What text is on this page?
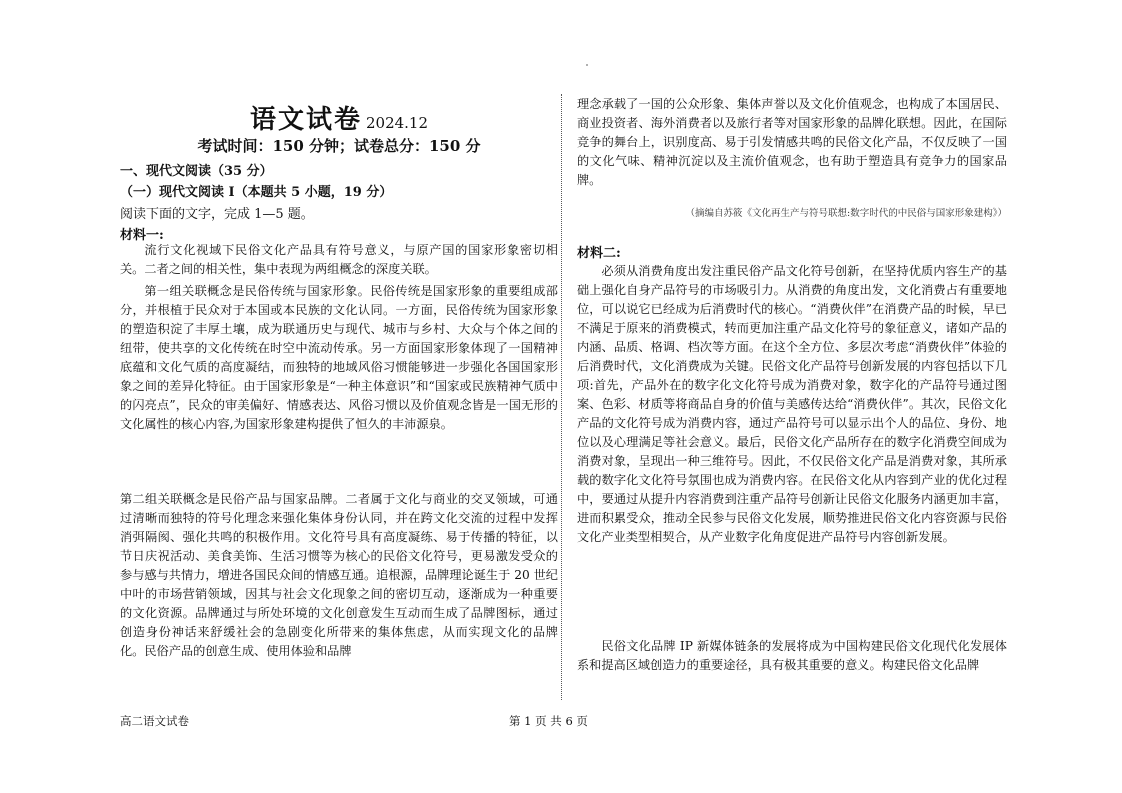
语文试卷 2024.12
考试时间：150 分钟；试卷总分：150 分
一、现代文阅读（35 分）
（一）现代文阅读 I（本题共 5 小题，19 分）
阅读下面的文字，完成 1—5 题。
材料一:

流行文化视域下民俗文化产品具有符号意义，与原产国的国家形象密切相关。二者之间的相关性，集中表现为两组概念的深度关联。

第一组关联概念是民俗传统与国家形象。民俗传统是国家形象的重要组成部分，并根植于民众对于本国或本民族的文化认同。一方面，民俗传统为国家形象的塑造积淀了丰厚土壤，成为联通历史与现代、城市与乡村、大众与个体之间的纽带，使共享的文化传统在时空中流动传承。另一方面国家形象体现了一国精神底蕴和文化气质的高度凝结，而独特的地域风俗习惯能够进一步强化各国国家形象之间的差异化特征。由于国家形象是“一种主体意识”和“国家或民族精神气质中的闪亮点”，民众的审美偏好、情感表达、风俗习惯以及价值观念皆是一国无形的文化属性的核心内容,为国家形象建构提供了恒久的丰沛源泉。

第二组关联概念是民俗产品与国家品牌。二者属于文化与商业的交叉领域，可通过清晰而独特的符号化理念来强化集体身份认同，并在跨文化交流的过程中发挥消弭隔阂、强化共鸣的积极作用。文化符号具有高度凝练、易于传播的特征，以节日庆祝活动、美食美饰、生活习惯等为核心的民俗文化符号，更易激发受众的参与感与共情力，增进各国民众间的情感互通。追根源，品牌理论诞生于 20 世纪中叶的市场营销领域，因其与社会文化现象之间的密切互动，逐渐成为一种重要的文化资源。品牌通过与所处环境的文化创意发生互动而生成了品牌图标，通过创造身份神话来舒缓社会的急剧变化所带来的集体焦虑，从而实现文化的品牌化。民俗产品的创意生成、使用体验和品牌

理念承载了一国的公众形象、集体声誉以及文化价值观念，也构成了本国居民、商业投资者、海外消费者以及旅行者等对国家形象的品牌化联想。因此，在国际竞争的舞台上，识别度高、易于引发情感共鸣的民俗文化产品，不仅反映了一国的文化气味、精神沉淀以及主流价值观念，也有助于塑造具有竞争力的国家品牌。

（摘编自苏筱《文化再生产与符号联想:数字时代的中民俗与国家形象建构》）
材料二:

必须从消费角度出发注重民俗产品文化符号创新，在坚持优质内容生产的基础上强化自身产品符号的市场吸引力。从消费的角度出发，文化消费占有重要地位，可以说它已经成为后消费时代的核心。“消费伙伴”在消费产品的时候，早已不满足于原来的消费模式，转而更加注重产品文化符号的象征意义，诸如产品的内涵、品质、格调、档次等方面。在这个全方位、多层次考虑“消费伙伴”体验的后消费时代，文化消费成为关键。民俗文化产品符号创新发展的内容包括以下几项:首先，产品外在的数字化文化符号成为消费对象，数字化的产品符号通过图案、色彩、材质等将商品自身的价值与美感传达给“消费伙伴”。其次，民俗文化产品的文化符号成为消费内容，通过产品符号可以显示出个人的品位、身份、地位以及心理满足等社会意义。最后，民俗文化产品所存在的数字化消费空间成为消费对象，呈现出一种三维符号。因此，不仅民俗文化产品是消费对象，其所承载的数字化文化符号氛围也成为消费内容。在民俗文化从内容到产业的优化过程中，要通过从提升内容消费到注重产品符号创新让民俗文化服务内涵更加丰富，进而积累受众，推动全民参与民俗文化发展，顺势推进民俗文化内容资源与民俗文化产业类型相契合，从产业数字化角度促进产品符号内容创新发展。

民俗文化品牌 IP 新媒体链条的发展将成为中国构建民俗文化现代化发展体系和提高区域创造力的重要途径，具有极其重要的意义。构建民俗文化品牌

高二语文试卷	第 1 页 共 6 页
